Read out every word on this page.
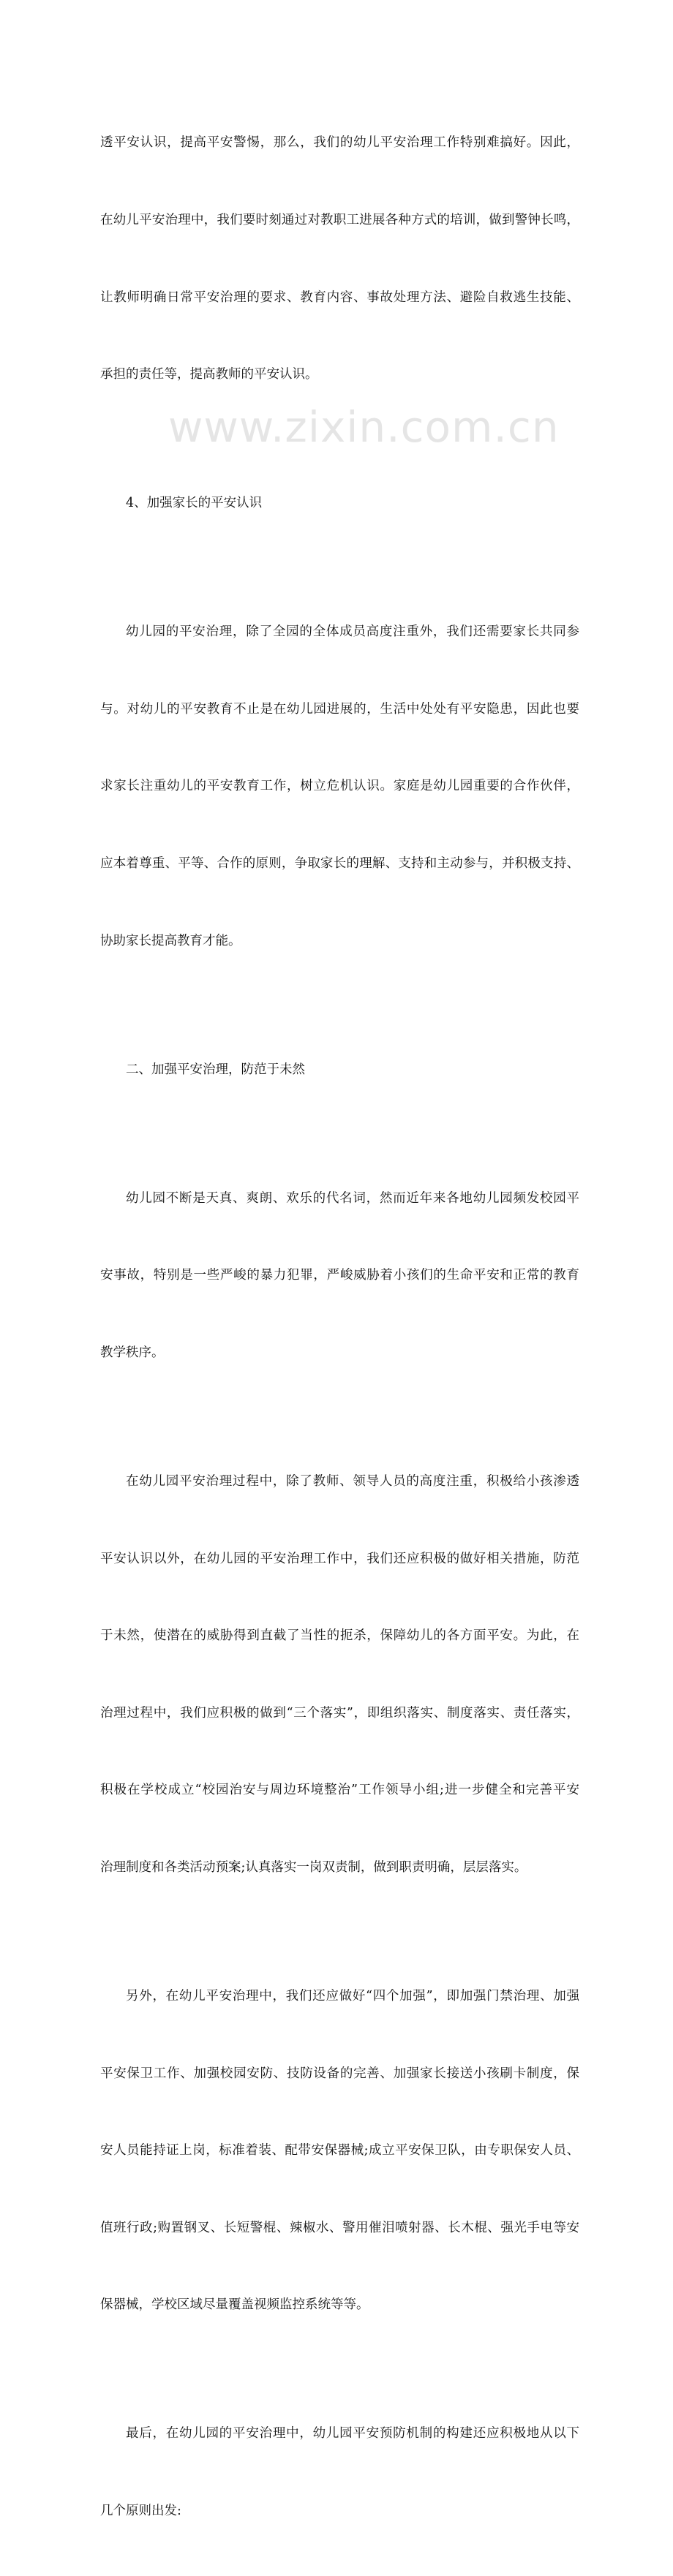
透平安认识，提高平安警惕，那么，我们的幼儿平安治理工作特别难搞好。因此，

在幼儿平安治理中，我们要时刻通过对教职工进展各种方式的培训，做到警钟长鸣，

让教师明确日常平安治理的要求、教育内容、事故处理方法、避险自救逃生技能、

承担的责任等，提高教师的平安认识。

4、加强家长的平安认识

幼儿园的平安治理，除了全园的全体成员高度注重外，我们还需要家长共同参

与。对幼儿的平安教育不止是在幼儿园进展的，生活中处处有平安隐患，因此也要

求家长注重幼儿的平安教育工作，树立危机认识。家庭是幼儿园重要的合作伙伴，

应本着尊重、平等、合作的原则，争取家长的理解、支持和主动参与，并积极支持、

协助家长提高教育才能。

二、加强平安治理，防范于未然

幼儿园不断是天真、爽朗、欢乐的代名词，然而近年来各地幼儿园频发校园平

安事故，特别是一些严峻的暴力犯罪，严峻威胁着小孩们的生命平安和正常的教育

教学秩序。

在幼儿园平安治理过程中，除了教师、领导人员的高度注重，积极给小孩渗透

平安认识以外，在幼儿园的平安治理工作中，我们还应积极的做好相关措施，防范

于未然，使潜在的威胁得到直截了当性的扼杀，保障幼儿的各方面平安。为此，在

治理过程中，我们应积极的做到“三个落实”，即组织落实、制度落实、责任落实，

积极在学校成立“校园治安与周边环境整治”工作领导小组;进一步健全和完善平安

治理制度和各类活动预案;认真落实一岗双责制，做到职责明确，层层落实。

另外，在幼儿平安治理中，我们还应做好“四个加强”，即加强门禁治理、加强

平安保卫工作、加强校园安防、技防设备的完善、加强家长接送小孩刷卡制度，保

安人员能持证上岗，标准着装、配带安保器械;成立平安保卫队，由专职保安人员、

值班行政;购置钢叉、长短警棍、辣椒水、警用催泪喷射器、长木棍、强光手电等安

保器械，学校区域尽量覆盖视频监控系统等等。

最后，在幼儿园的平安治理中，幼儿园平安预防机制的构建还应积极地从以下

几个原则出发:

www.zixin.com.cn
